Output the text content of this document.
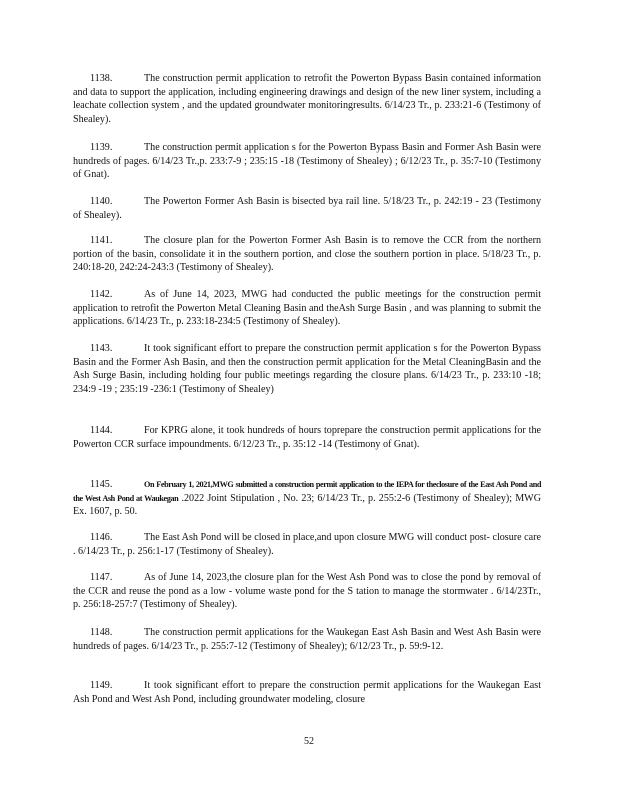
1138.	The construction permit application to retrofit the Powerton Bypass Basin contained information and data to support the application, including engineering drawings and design of the new liner system, including a leachate collection system , and the updated groundwater monitoringresults. 6/14/23 Tr., p. 233:21-6 (Testimony of Shealey).

1139.	The construction permit application s for the Powerton Bypass Basin and Former Ash Basin were hundreds of pages. 6/14/23 Tr.,p. 233:7-9 ; 235:15 -18 (Testimony of Shealey) ; 6/12/23 Tr., p. 35:7-10 (Testimony of Gnat).

1140.	The Powerton Former Ash Basin is bisected bya rail line. 5/18/23 Tr., p. 242:19 - 23 (Testimony of Shealey).

1141.	The closure plan for the Powerton Former Ash Basin is to remove the CCR from the northern portion of the basin, consolidate it in the southern portion, and close the southern portion in place. 5/18/23 Tr., p. 240:18-20, 242:24-243:3 (Testimony of Shealey).

1142.	As of June 14, 2023, MWG had conducted the public meetings for the construction permit application to retrofit the Powerton Metal Cleaning Basin and theAsh Surge Basin , and was planning to submit the applications. 6/14/23 Tr., p. 233:18-234:5 (Testimony of Shealey).

1143.	It took significant effort to prepare the construction permit application s for the Powerton Bypass Basin and the Former Ash Basin, and then the construction permit application for the Metal CleaningBasin and the Ash Surge Basin, including holding four public meetings regarding the closure plans. 6/14/23 Tr., p. 233:10 -18; 234:9 -19 ; 235:19 -236:1 (Testimony of Shealey)

1144.	For KPRG alone, it took hundreds of hours toprepare the construction permit applications for the Powerton CCR surface impoundments. 6/12/23 Tr., p. 35:12 -14 (Testimony of Gnat).

1145.	On February 1, 2021,MWG submitted a construction permit application to the IEPA for theclosure of the East Ash Pond and the West Ash Pond at Waukegan .2022 Joint Stipulation , No. 23; 6/14/23 Tr., p. 255:2-6 (Testimony of Shealey); MWG Ex. 1607, p. 50.

1146.	The East Ash Pond will be closed in place,and upon closure MWG will conduct post- closure care . 6/14/23 Tr., p. 256:1-17 (Testimony of Shealey).

1147.	As of June 14, 2023,the closure plan for the West Ash Pond was to close the pond by removal of the CCR and reuse the pond as a low - volume waste pond for the S tation to manage the stormwater . 6/14/23Tr., p. 256:18-257:7 (Testimony of Shealey).

1148.	The construction permit applications for the Waukegan East Ash Basin and West Ash Basin were hundreds of pages. 6/14/23 Tr., p. 255:7-12 (Testimony of Shealey); 6/12/23 Tr., p. 59:9-12.

1149.	It took significant effort to prepare the construction permit applications for the Waukegan East Ash Pond and West Ash Pond, including groundwater modeling, closure

52
